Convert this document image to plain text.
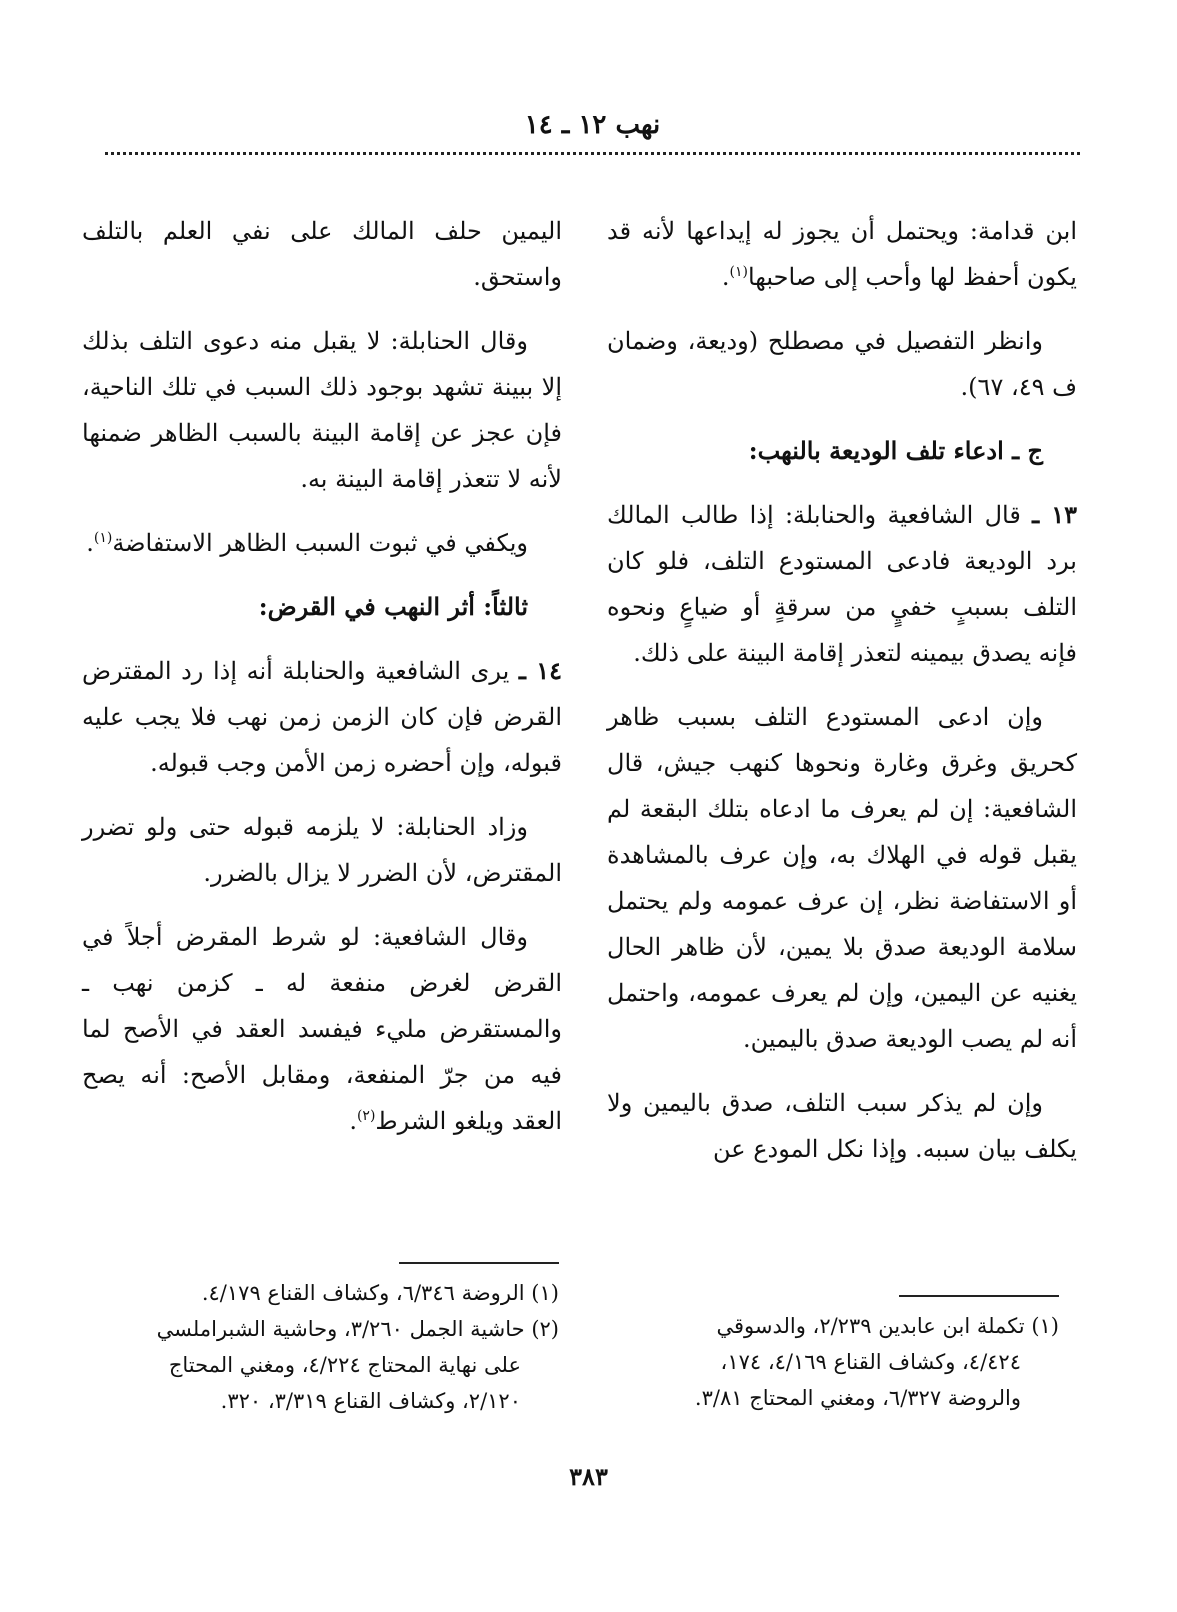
نهب ١٢ ـ ١٤

ابن قدامة: ويحتمل أن يجوز له إيداعها لأنه قد يكون أحفظ لها وأحب إلى صاحبها$^{(١)}$.

وانظر التفصيل في مصطلح (وديعة، وضمان ف ٤٩، ٦٧).

ج ـ ادعاء تلف الوديعة بالنهب:

١٣ ـ قال الشافعية والحنابلة: إذا طالب المالك برد الوديعة فادعى المستودع التلف، فلو كان التلف بسببٍ خفيٍ من سرقةٍ أو ضياعٍ ونحوه فإنه يصدق بيمينه لتعذر إقامة البينة على ذلك.

وإن ادعى المستودع التلف بسبب ظاهر كحريق وغرق وغارة ونحوها كنهب جيش، قال الشافعية: إن لم يعرف ما ادعاه بتلك البقعة لم يقبل قوله في الهلاك به، وإن عرف بالمشاهدة أو الاستفاضة نظر، إن عرف عمومه ولم يحتمل سلامة الوديعة صدق بلا يمين، لأن ظاهر الحال يغنيه عن اليمين، وإن لم يعرف عمومه، واحتمل أنه لم يصب الوديعة صدق باليمين.

وإن لم يذكر سبب التلف، صدق باليمين ولا يكلف بيان سببه. وإذا نكل المودع عن

اليمين حلف المالك على نفي العلم بالتلف واستحق.

وقال الحنابلة: لا يقبل منه دعوى التلف بذلك إلا ببينة تشهد بوجود ذلك السبب في تلك الناحية، فإن عجز عن إقامة البينة بالسبب الظاهر ضمنها لأنه لا تتعذر إقامة البينة به.

ويكفي في ثبوت السبب الظاهر الاستفاضة$^{(١)}$.

ثالثاً: أثر النهب في القرض:

١٤ ـ يرى الشافعية والحنابلة أنه إذا رد المقترض القرض فإن كان الزمن زمن نهب فلا يجب عليه قبوله، وإن أحضره زمن الأمن وجب قبوله.

وزاد الحنابلة: لا يلزمه قبوله حتى ولو تضرر المقترض، لأن الضرر لا يزال بالضرر.

وقال الشافعية: لو شرط المقرض أجلاً في القرض لغرض منفعة له ـ كزمن نهب ـ والمستقرض مليء فيفسد العقد في الأصح لما فيه من جرّ المنفعة، ومقابل الأصح: أنه يصح العقد ويلغو الشرط$^{(٢)}$.

(١) تكملة ابن عابدين ٢/٢٣٩، والدسوقي

٤/٤٢٤، وكشاف القناع ٤/١٦٩، ١٧٤،

والروضة ٦/٣٢٧، ومغني المحتاج ٣/٨١.

(١) الروضة ٦/٣٤٦، وكشاف القناع ٤/١٧٩.

(٢) حاشية الجمل ٣/٢٦٠، وحاشية الشبراملسي

على نهاية المحتاج ٤/٢٢٤، ومغني المحتاج

٢/١٢٠، وكشاف القناع ٣/٣١٩، ٣٢٠.

٣٨٣
